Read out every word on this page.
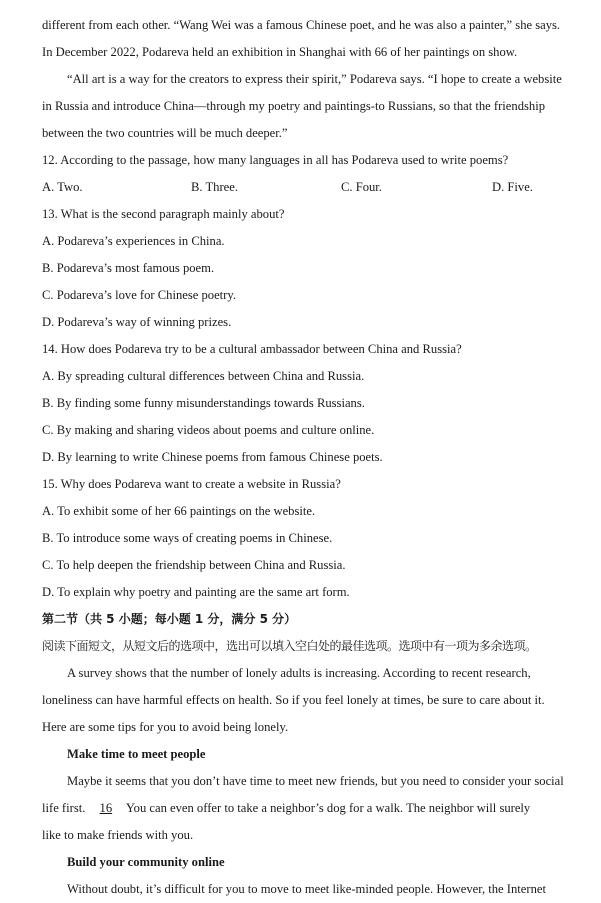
different from each other. “Wang Wei was a famous Chinese poet, and he was also a painter,” she says.
In December 2022, Podareva held an exhibition in Shanghai with 66 of her paintings on show.
“All art is a way for the creators to express their spirit,” Podareva says. “I hope to create a website
in Russia and introduce China—through my poetry and paintings-to Russians, so that the friendship
between the two countries will be much deeper.”
12. According to the passage, how many languages in all has Podareva used to write poems?
A. Two.	B. Three.	C. Four.	D. Five.
13. What is the second paragraph mainly about?
A. Podareva’s experiences in China.
B. Podareva’s most famous poem.
C. Podareva’s love for Chinese poetry.
D. Podareva’s way of winning prizes.
14. How does Podareva try to be a cultural ambassador between China and Russia?
A. By spreading cultural differences between China and Russia.
B. By finding some funny misunderstandings towards Russians.
C. By making and sharing videos about poems and culture online.
D. By learning to write Chinese poems from famous Chinese poets.
15. Why does Podareva want to create a website in Russia?
A. To exhibit some of her 66 paintings on the website.
B. To introduce some ways of creating poems in Chinese.
C. To help deepen the friendship between China and Russia.
D. To explain why poetry and painting are the same art form.
第二节（共 5 小题；每小题 1 分，满分 5 分）
阅读下面短文，从短文后的选项中，选出可以填入空白处的最佳选项。选项中有一项为多余选项。
A survey shows that the number of lonely adults is increasing. According to recent research,
loneliness can have harmful effects on health. So if you feel lonely at times, be sure to care about it.
Here are some tips for you to avoid being lonely.
Make time to meet people
Maybe it seems that you don’t have time to meet new friends, but you need to consider your social
life first. 16 You can even offer to take a neighbor’s dog for a walk. The neighbor will surely
like to make friends with you.
Build your community online
Without doubt, it’s difficult for you to move to meet like-minded people. However, the Internet
